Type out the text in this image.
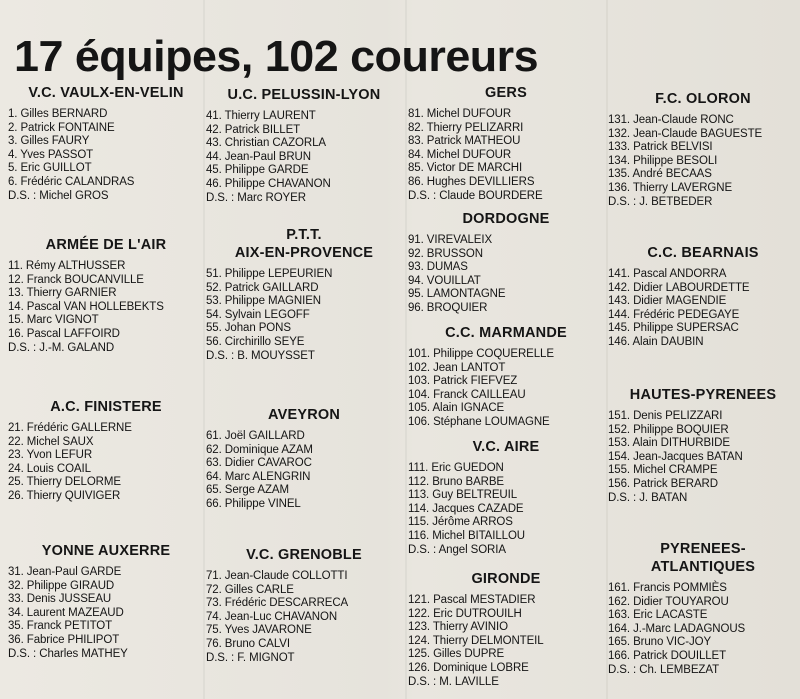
17 équipes, 102 coureurs
V.C. VAULX-EN-VELIN
1. Gilles BERNARD
2. Patrick FONTAINE
3. Gilles FAURY
4. Yves PASSOT
5. Eric GUILLOT
6. Frédéric CALANDRAS
D.S. : Michel GROS
ARMÉE DE L'AIR
11. Rémy ALTHUSSER
12. Franck BOUCANVILLE
13. Thierry GARNIER
14. Pascal VAN HOLLEBEKTS
15. Marc VIGNOT
16. Pascal LAFFOIRD
D.S. : J.-M. GALAND
A.C. FINISTERE
21. Frédéric GALLERNE
22. Michel SAUX
23. Yvon LEFUR
24. Louis COAIL
25. Thierry DELORME
26. Thierry QUIVIGER
YONNE AUXERRE
31. Jean-Paul GARDE
32. Philippe GIRAUD
33. Denis JUSSEAU
34. Laurent MAZEAUD
35. Franck PETITOT
36. Fabrice PHILIPOT
D.S. : Charles MATHEY
U.C. PELUSSIN-LYON
41. Thierry LAURENT
42. Patrick BILLET
43. Christian CAZORLA
44. Jean-Paul BRUN
45. Philippe GARDE
46. Philippe CHAVANON
D.S. : Marc ROYER
P.T.T.
AIX-EN-PROVENCE
51. Philippe LEPEURIEN
52. Patrick GAILLARD
53. Philippe MAGNIEN
54. Sylvain LEGOFF
55. Johan PONS
56. Circhirillo SEYE
D.S. : B. MOUYSSET
AVEYRON
61. Joël GAILLARD
62. Dominique AZAM
63. Didier CAVAROC
64. Marc ALENGRIN
65. Serge AZAM
66. Philippe VINEL
V.C. GRENOBLE
71. Jean-Claude COLLOTTI
72. Gilles CARLE
73. Frédéric DESCARRECA
74. Jean-Luc CHAVANON
75. Yves JAVARONE
76. Bruno CALVI
D.S. : F. MIGNOT
GERS
81. Michel DUFOUR
82. Thierry PELIZARRI
83. Patrick MATHEOU
84. Michel DUFOUR
85. Victor DE MARCHI
86. Hughes DEVILLIERS
D.S. : Claude BOURDERE
DORDOGNE
91. VIREVALEIX
92. BRUSSON
93. DUMAS
94. VOUILLAT
95. LAMONTAGNE
96. BROQUIER
C.C. MARMANDE
101. Philippe COQUERELLE
102. Jean LANTOT
103. Patrick FIEFVEZ
104. Franck CAILLEAU
105. Alain IGNACE
106. Stéphane LOUMAGNE
V.C. AIRE
111. Eric GUEDON
112. Bruno BARBE
113. Guy BELTREUIL
114. Jacques CAZADE
115. Jérôme ARROS
116. Michel BITAILLOU
D.S. : Angel SORIA
GIRONDE
121. Pascal MESTADIER
122. Eric DUTROUILH
123. Thierry AVINIO
124. Thierry DELMONTEIL
125. Gilles DUPRE
126. Dominique LOBRE
D.S. : M. LAVILLE
F.C. OLORON
131. Jean-Claude RONC
132. Jean-Claude BAGUESTE
133. Patrick BELVISI
134. Philippe BESOLI
135. André BECAAS
136. Thierry LAVERGNE
D.S. : J. BETBEDER
C.C. BEARNAIS
141. Pascal ANDORRA
142. Didier LABOURDETTE
143. Didier MAGENDIE
144. Frédéric PEDEGAYE
145. Philippe SUPERSAC
146. Alain DAUBIN
HAUTES-PYRENEES
151. Denis PELIZZARI
152. Philippe BOQUIER
153. Alain DITHURBIDE
154. Jean-Jacques BATAN
155. Michel CRAMPE
156. Patrick BERARD
D.S. : J. BATAN
PYRENEES-
ATLANTIQUES
161. Francis POMMIÈS
162. Didier TOUYAROU
163. Eric LACASTE
164. J.-Marc LADAGNOUS
165. Bruno VIC-JOY
166. Patrick DOUILLET
D.S. : Ch. LEMBEZAT
